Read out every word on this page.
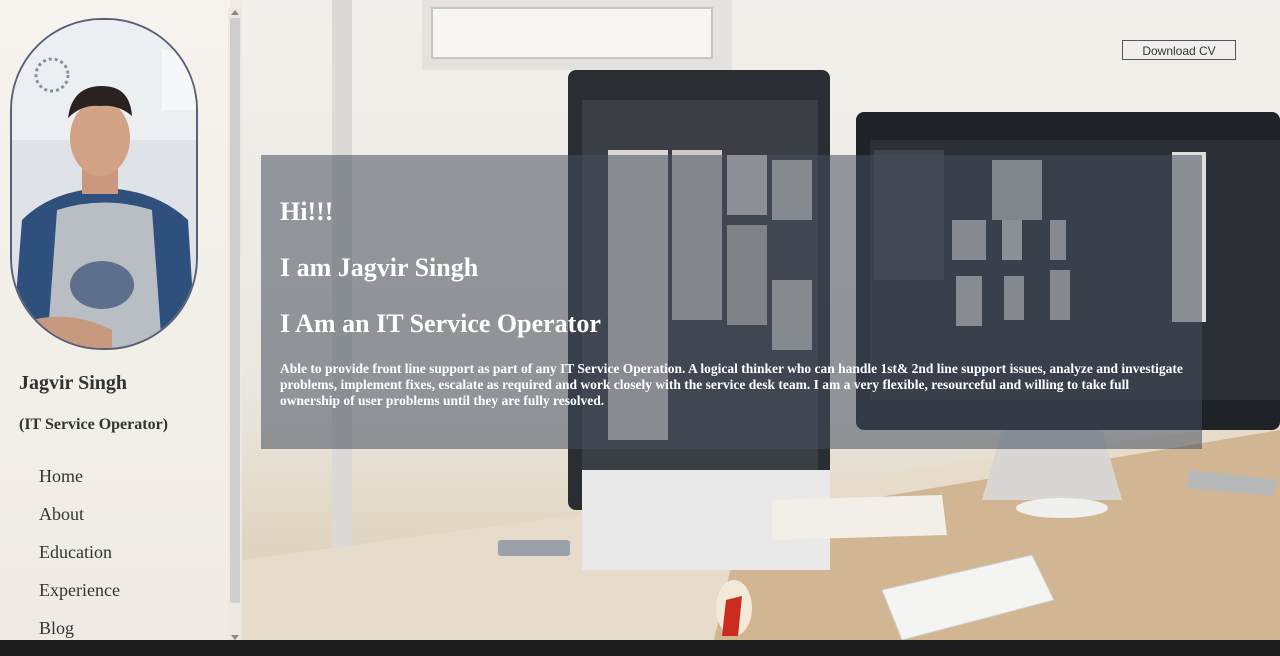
Jagvir Singh

(IT Service Operator)

Home
About
Education
Experience
Blog
Download CV
Hi!!!
I am Jagvir Singh
I Am an IT Service Operator

Able to provide front line support as part of any IT Service Operation. A logical thinker who can handle 1st& 2nd line support issues, analyze and investigate problems, implement fixes, escalate as required and work closely with the service desk team. I am a very flexible, resourceful and willing to take full ownership of user problems until they are fully resolved.
